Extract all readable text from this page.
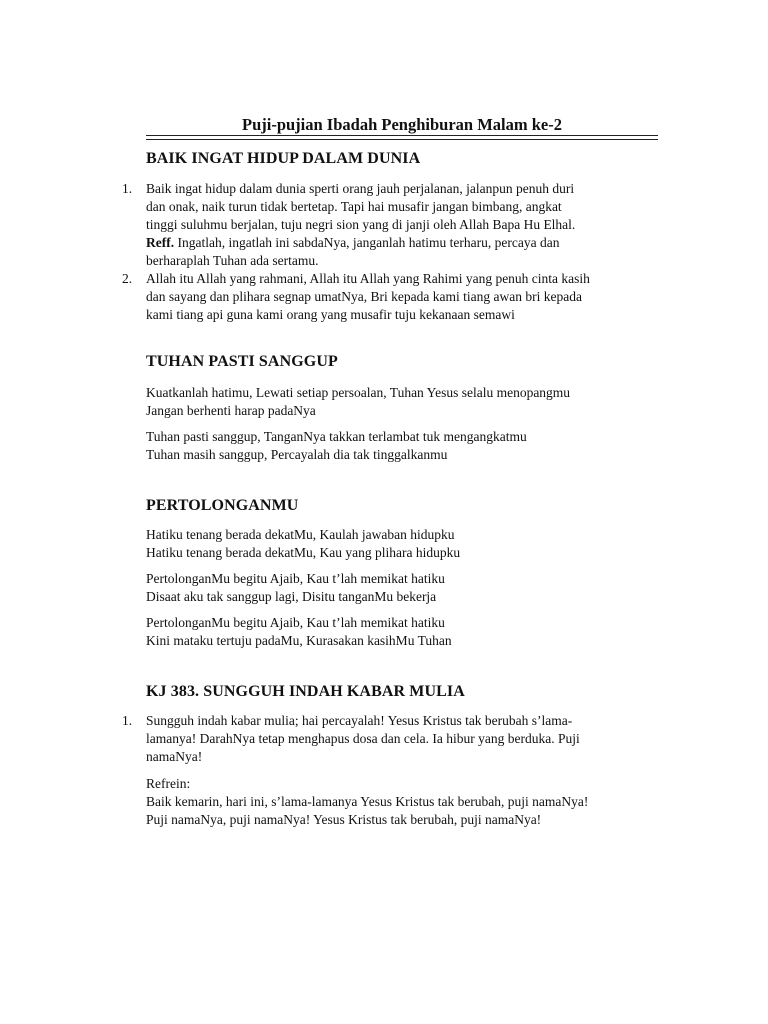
Puji-pujian Ibadah Penghiburan Malam ke-2
BAIK INGAT HIDUP DALAM DUNIA
1. Baik ingat hidup dalam dunia sperti orang jauh perjalanan, jalanpun penuh duri
dan onak, naik turun tidak bertetap. Tapi hai musafir jangan bimbang, angkat
tinggi suluhmu berjalan, tuju negri sion yang di janji oleh Allah Bapa Hu Elhal.
Reff. Ingatlah, ingatlah ini sabdaNya, janganlah hatimu terharu, percaya dan
berharaplah Tuhan ada sertamu.
2. Allah itu Allah yang rahmani, Allah itu Allah yang Rahimi yang penuh cinta kasih
dan sayang dan plihara segnap umatNya, Bri kepada kami tiang awan bri kepada
kami tiang api guna kami orang yang musafir tuju kekanaan semawi
TUHAN PASTI SANGGUP

Kuatkanlah hatimu, Lewati setiap persoalan, Tuhan Yesus selalu menopangmu

Jangan berhenti harap padaNya

Tuhan pasti sanggup, TanganNya takkan terlambat tuk mengangkatmu

Tuhan masih sanggup, Percayalah dia tak tinggalkanmu

PERTOLONGANMU

Hatiku tenang berada dekatMu, Kaulah jawaban hidupku

Hatiku tenang berada dekatMu, Kau yang plihara hidupku

PertolonganMu begitu Ajaib, Kau t’lah memikat hatiku

Disaat aku tak sanggup lagi, Disitu tanganMu bekerja

PertolonganMu begitu Ajaib, Kau t’lah memikat hatiku

Kini mataku tertuju padaMu, Kurasakan kasihMu Tuhan

KJ 383. SUNGGUH INDAH KABAR MULIA
1. Sungguh indah kabar mulia; hai percayalah! Yesus Kristus tak berubah s’lama-
lamanya! DarahNya tetap menghapus dosa dan cela. Ia hibur yang berduka. Puji
namaNya!

Refrein:

Baik kemarin, hari ini, s’lama-lamanya Yesus Kristus tak berubah, puji namaNya!

Puji namaNya, puji namaNya! Yesus Kristus tak berubah, puji namaNya!
